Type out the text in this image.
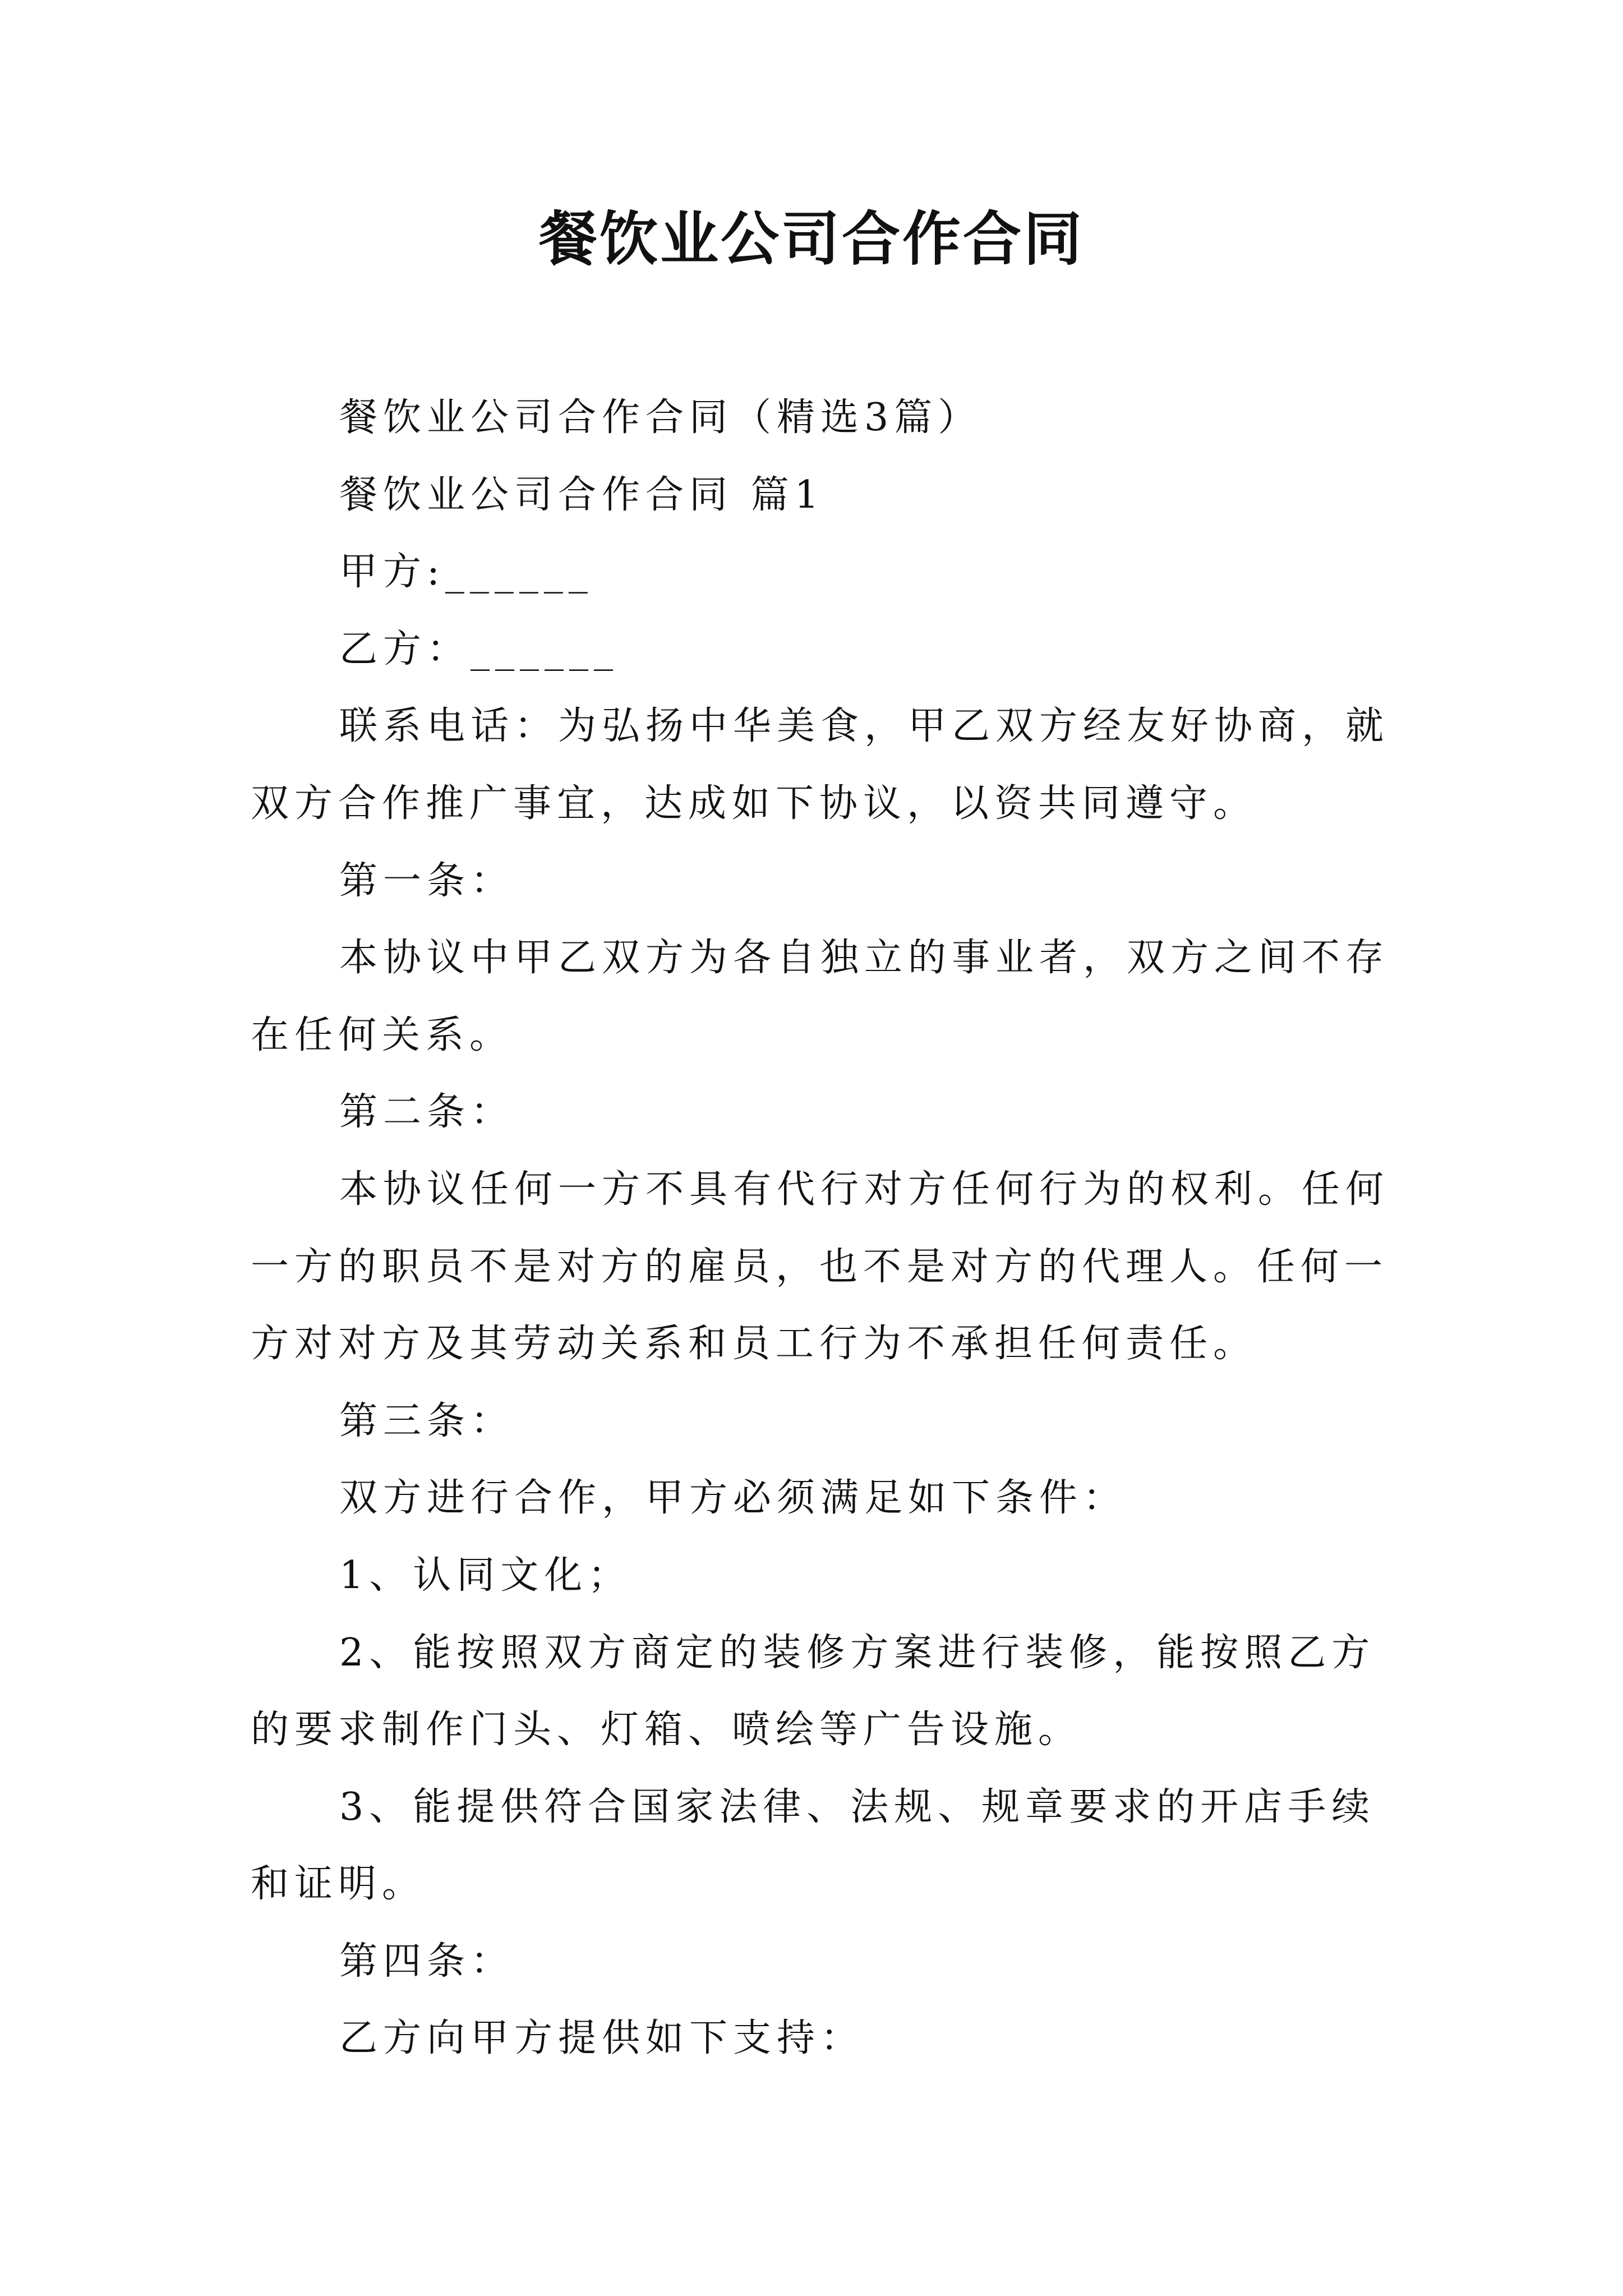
餐饮业公司合作合同
餐饮业公司合作合同（精选3篇）
餐饮业公司合作合同 篇1
甲方:______
乙方：______
联系电话：为弘扬中华美食，甲乙双方经友好协商，就
双方合作推广事宜，达成如下协议，以资共同遵守。
第一条：
本协议中甲乙双方为各自独立的事业者，双方之间不存
在任何关系。
第二条：
本协议任何一方不具有代行对方任何行为的权利。任何
一方的职员不是对方的雇员，也不是对方的代理人。任何一
方对对方及其劳动关系和员工行为不承担任何责任。
第三条：
双方进行合作，甲方必须满足如下条件：
1、认同文化；
2、能按照双方商定的装修方案进行装修，能按照乙方
的要求制作门头、灯箱、喷绘等广告设施。
3、能提供符合国家法律、法规、规章要求的开店手续
和证明。
第四条：
乙方向甲方提供如下支持：
